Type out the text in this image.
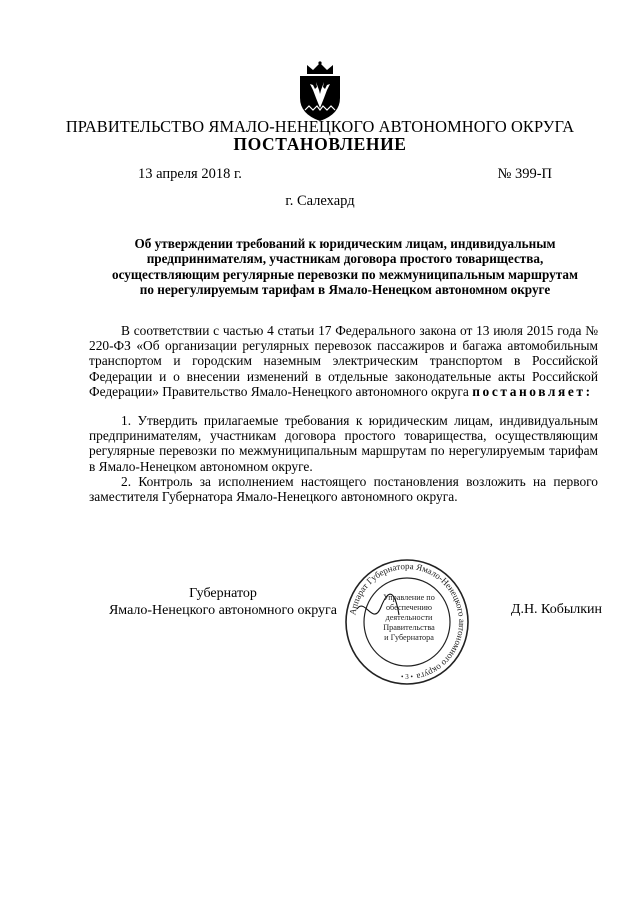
ПРАВИТЕЛЬСТВО ЯМАЛО-НЕНЕЦКОГО АВТОНОМНОГО ОКРУГА
ПОСТАНОВЛЕНИЕ
13 апреля 2018 г.	№ 399-П
г. Салехард
Об утверждении требований к юридическим лицам, индивидуальным предпринимателям, участникам договора простого товарищества, осуществляющим регулярные перевозки по межмуниципальным маршрутам по нерегулируемым тарифам в Ямало-Ненецком автономном округе

В соответствии с частью 4 статьи 17 Федерального закона от 13 июля 2015 года № 220-ФЗ «Об организации регулярных перевозок пассажиров и багажа автомобильным транспортом и городским наземным электрическим транспортом в Российской Федерации и о внесении изменений в отдельные законодательные акты Российской Федерации» Правительство Ямало-Ненецкого автономного округа постановляет:

1. Утвердить прилагаемые требования к юридическим лицам, индивидуальным предпринимателям, участникам договора простого товарищества, осуществляющим регулярные перевозки по межмуниципальным маршрутам по нерегулируемым тарифам в Ямало-Ненецком автономном округе.

2. Контроль за исполнением настоящего постановления возложить на первого заместителя Губернатора Ямало-Ненецкого автономного округа.

Губернатор
Ямало-Ненецкого автономного округа	Д.Н. Кобылкин
Аппарат Губернатора Ямало-Ненецкого автономного округа
• 3 •
Управление по
обеспечению
деятельности
Правительства
и Губернатора
